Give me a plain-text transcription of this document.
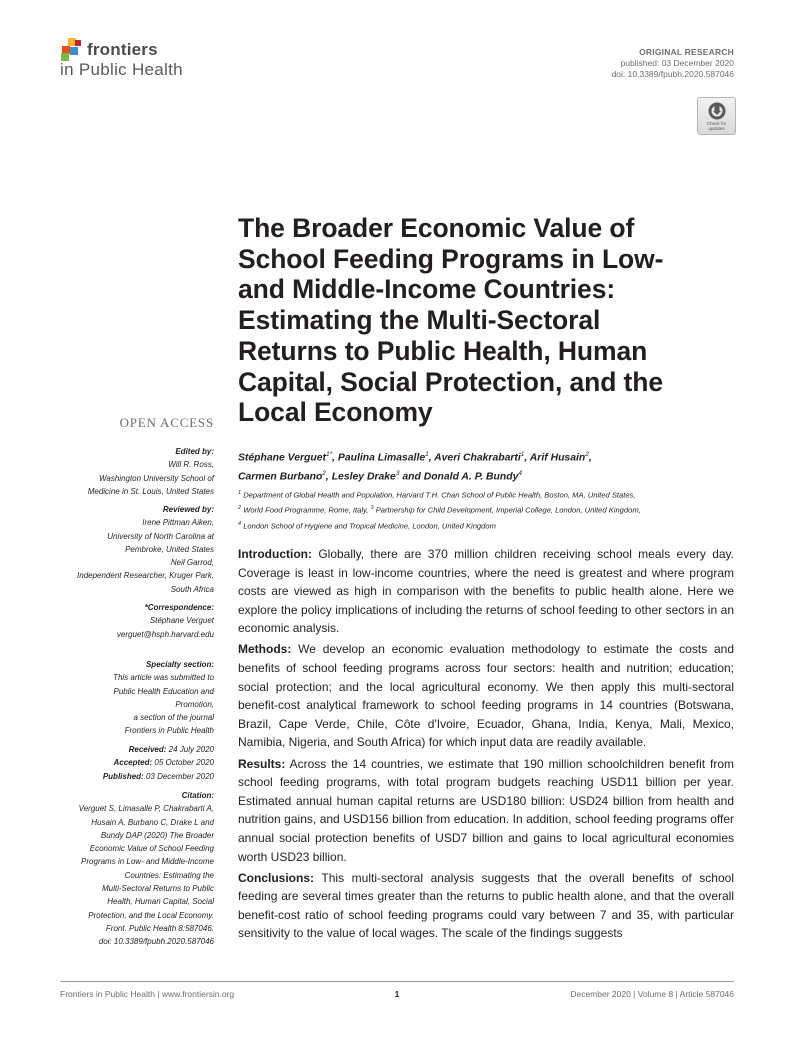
frontiers
in Public Health
ORIGINAL RESEARCH
published: 03 December 2020
doi: 10.3389/fpubh.2020.587046
Check for
updates
The Broader Economic Value of
School Feeding Programs in Low-
and Middle-Income Countries:
Estimating the Multi-Sectoral
Returns to Public Health, Human
Capital, Social Protection, and the
Local Economy
OPEN ACCESS
Stéphane Verguet$^{1*}$, Paulina Limasalle$^1$, Averi Chakrabarti$^1$, Arif Husain$^2$,
Carmen Burbano$^2$, Lesley Drake$^3$ and Donald A. P. Bundy$^4$
$^1$ Department of Global Health and Population, Harvard T.H. Chan School of Public Health, Boston, MA, United States,
$^2$ World Food Programme, Rome, Italy, $^3$ Partnership for Child Development, Imperial College, London, United Kingdom,
$^4$ London School of Hygiene and Tropical Medicine, London, United Kingdom
Edited by:
Will R. Ross,
Washington University School of
Medicine in St. Louis, United States
Reviewed by:
Irene Pittman Aiken,
University of North Carolina at
Pembroke, United States
Neil Garrod,
Independent Researcher, Kruger Park,
South Africa
*Correspondence:
Stéphane Verguet
verguet@hsph.harvard.edu
Specialty section:
This article was submitted to
Public Health Education and
Promotion,
a section of the journal
Frontiers in Public Health
Received: 24 July 2020
Accepted: 05 October 2020
Published: 03 December 2020
Citation:
Verguet S, Limasalle P, Chakrabarti A,
Husain A, Burbano C, Drake L and
Bundy DAP (2020) The Broader
Economic Value of School Feeding
Programs in Low- and Middle-Income
Countries: Estimating the
Multi-Sectoral Returns to Public
Health, Human Capital, Social
Protection, and the Local Economy.
Front. Public Health 8:587046.
doi: 10.3389/fpubh.2020.587046

Introduction: Globally, there are 370 million children receiving school meals every day. Coverage is least in low-income countries, where the need is greatest and where program costs are viewed as high in comparison with the benefits to public health alone. Here we explore the policy implications of including the returns of school feeding to other sectors in an economic analysis.

Methods: We develop an economic evaluation methodology to estimate the costs and benefits of school feeding programs across four sectors: health and nutrition; education; social protection; and the local agricultural economy. We then apply this multi-sectoral benefit-cost analytical framework to school feeding programs in 14 countries (Botswana, Brazil, Cape Verde, Chile, Côte d'Ivoire, Ecuador, Ghana, India, Kenya, Mali, Mexico, Namibia, Nigeria, and South Africa) for which input data are readily available.

Results: Across the 14 countries, we estimate that 190 million schoolchildren benefit from school feeding programs, with total program budgets reaching USD11 billion per year. Estimated annual human capital returns are USD180 billion: USD24 billion from health and nutrition gains, and USD156 billion from education. In addition, school feeding programs offer annual social protection benefits of USD7 billion and gains to local agricultural economies worth USD23 billion.

Conclusions: This multi-sectoral analysis suggests that the overall benefits of school feeding are several times greater than the returns to public health alone, and that the overall benefit-cost ratio of school feeding programs could vary between 7 and 35, with particular sensitivity to the value of local wages. The scale of the findings suggests

Frontiers in Public Health | www.frontiersin.org	1	December 2020 | Volume 8 | Article 587046
